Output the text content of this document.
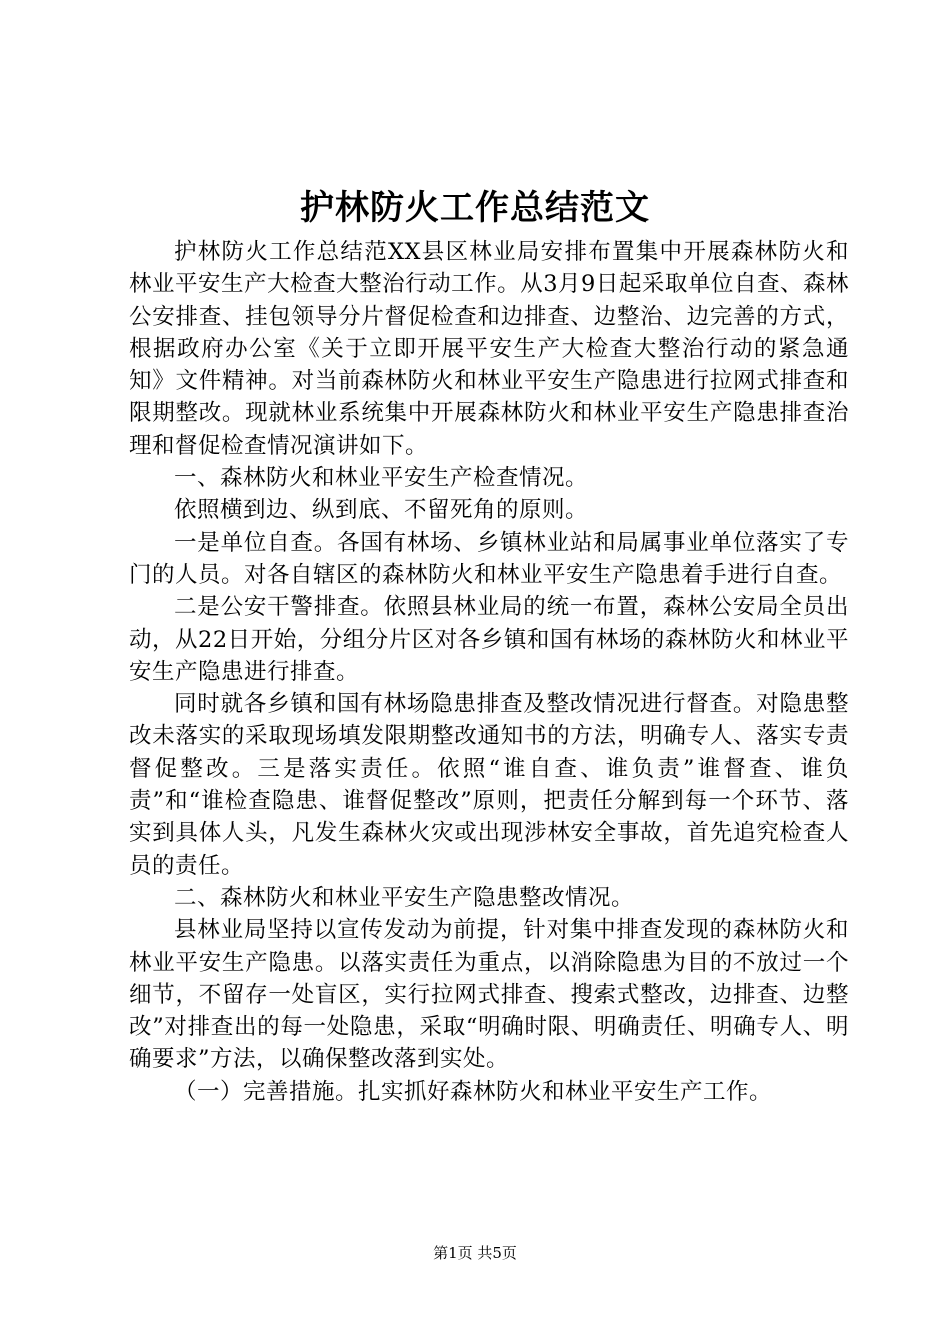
护林防火工作总结范文

护林防火工作总结范XX县区林业局安排布置集中开展森林防火和林业平安生产大检查大整治行动工作。从3月9日起采取单位自查、森林公安排查、挂包领导分片督促检查和边排查、边整治、边完善的方式，根据政府办公室《关于立即开展平安生产大检查大整治行动的紧急通知》文件精神。对当前森林防火和林业平安生产隐患进行拉网式排查和限期整改。现就林业系统集中开展森林防火和林业平安生产隐患排查治理和督促检查情况演讲如下。

一、森林防火和林业平安生产检查情况。

依照横到边、纵到底、不留死角的原则。

一是单位自查。各国有林场、乡镇林业站和局属事业单位落实了专门的人员。对各自辖区的森林防火和林业平安生产隐患着手进行自查。

二是公安干警排查。依照县林业局的统一布置，森林公安局全员出动，从22日开始，分组分片区对各乡镇和国有林场的森林防火和林业平安生产隐患进行排查。

同时就各乡镇和国有林场隐患排查及整改情况进行督查。对隐患整改未落实的采取现场填发限期整改通知书的方法，明确专人、落实专责督促整改。三是落实责任。依照“谁自查、谁负责”谁督查、谁负责”和“谁检查隐患、谁督促整改”原则，把责任分解到每一个环节、落实到具体人头，凡发生森林火灾或出现涉林安全事故，首先追究检查人员的责任。

二、森林防火和林业平安生产隐患整改情况。

县林业局坚持以宣传发动为前提，针对集中排查发现的森林防火和林业平安生产隐患。以落实责任为重点，以消除隐患为目的不放过一个细节，不留存一处盲区，实行拉网式排查、搜索式整改，边排查、边整改”对排查出的每一处隐患，采取“明确时限、明确责任、明确专人、明确要求”方法，以确保整改落到实处。

（一）完善措施。扎实抓好森林防火和林业平安生产工作。

第1页 共5页
